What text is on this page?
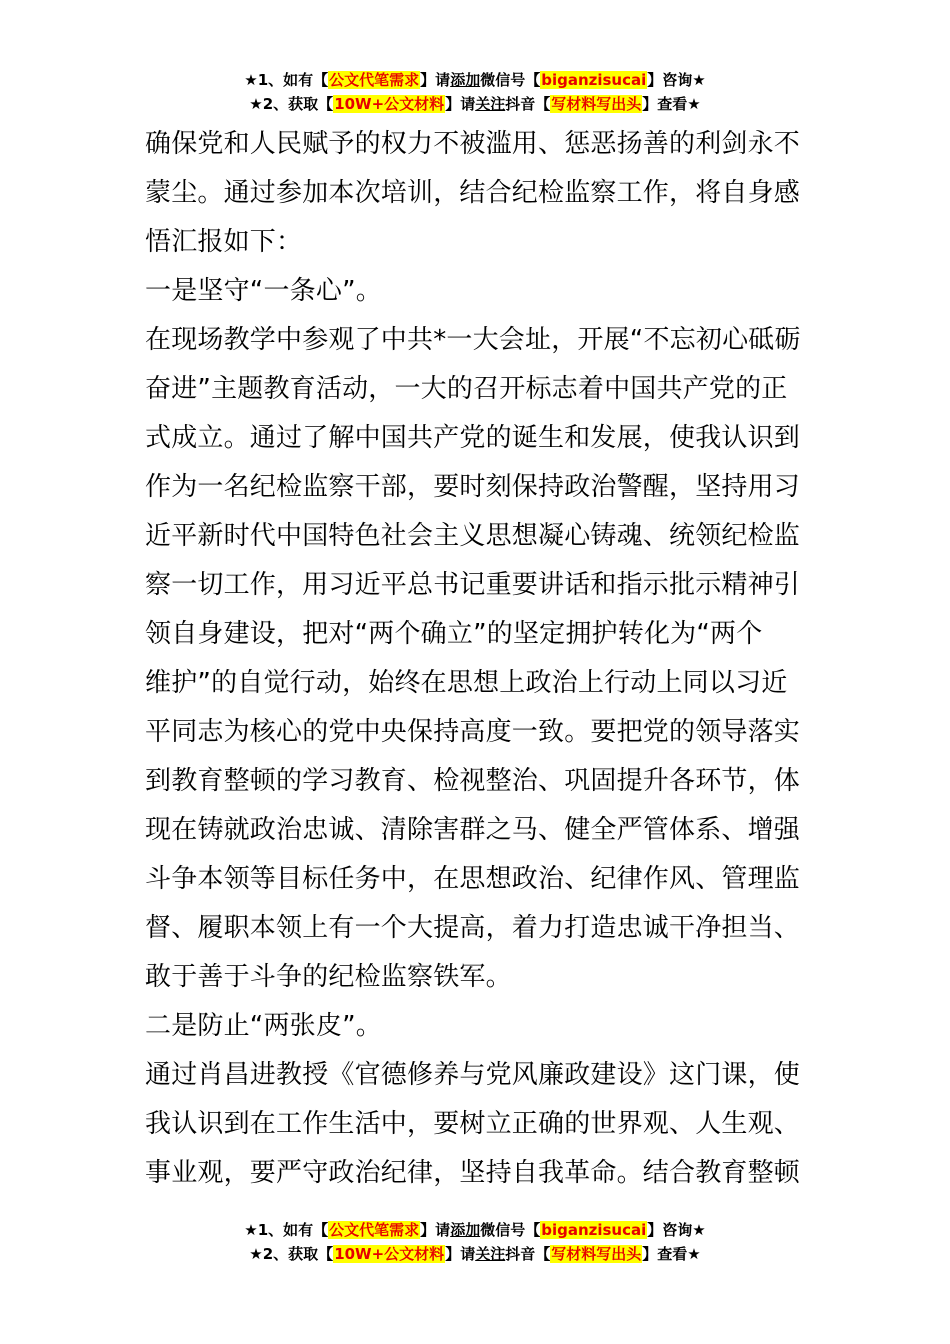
★1、如有【公文代笔需求】请添加微信号【biganzisucai】咨询★
★2、获取【10W+公文材料】请关注抖音【写材料写出头】查看★
确保党和人民赋予的权力不被滥用、惩恶扬善的利剑永不
蒙尘。通过参加本次培训，结合纪检监察工作，将自身感
悟汇报如下：
一是坚守“一条心”。
在现场教学中参观了中共*一大会址，开展“不忘初心砥砺
奋进”主题教育活动，一大的召开标志着中国共产党的正
式成立。通过了解中国共产党的诞生和发展，使我认识到
作为一名纪检监察干部，要时刻保持政治警醒，坚持用习
近平新时代中国特色社会主义思想凝心铸魂、统领纪检监
察一切工作，用习近平总书记重要讲话和指示批示精神引
领自身建设，把对“两个确立”的坚定拥护转化为“两个
维护”的自觉行动，始终在思想上政治上行动上同以习近
平同志为核心的党中央保持高度一致。要把党的领导落实
到教育整顿的学习教育、检视整治、巩固提升各环节，体
现在铸就政治忠诚、清除害群之马、健全严管体系、增强
斗争本领等目标任务中，在思想政治、纪律作风、管理监
督、履职本领上有一个大提高，着力打造忠诚干净担当、
敢于善于斗争的纪检监察铁军。
二是防止“两张皮”。
通过肖昌进教授《官德修养与党风廉政建设》这门课，使
我认识到在工作生活中，要树立正确的世界观、人生观、
事业观，要严守政治纪律，坚持自我革命。结合教育整顿
★1、如有【公文代笔需求】请添加微信号【biganzisucai】咨询★
★2、获取【10W+公文材料】请关注抖音【写材料写出头】查看★
